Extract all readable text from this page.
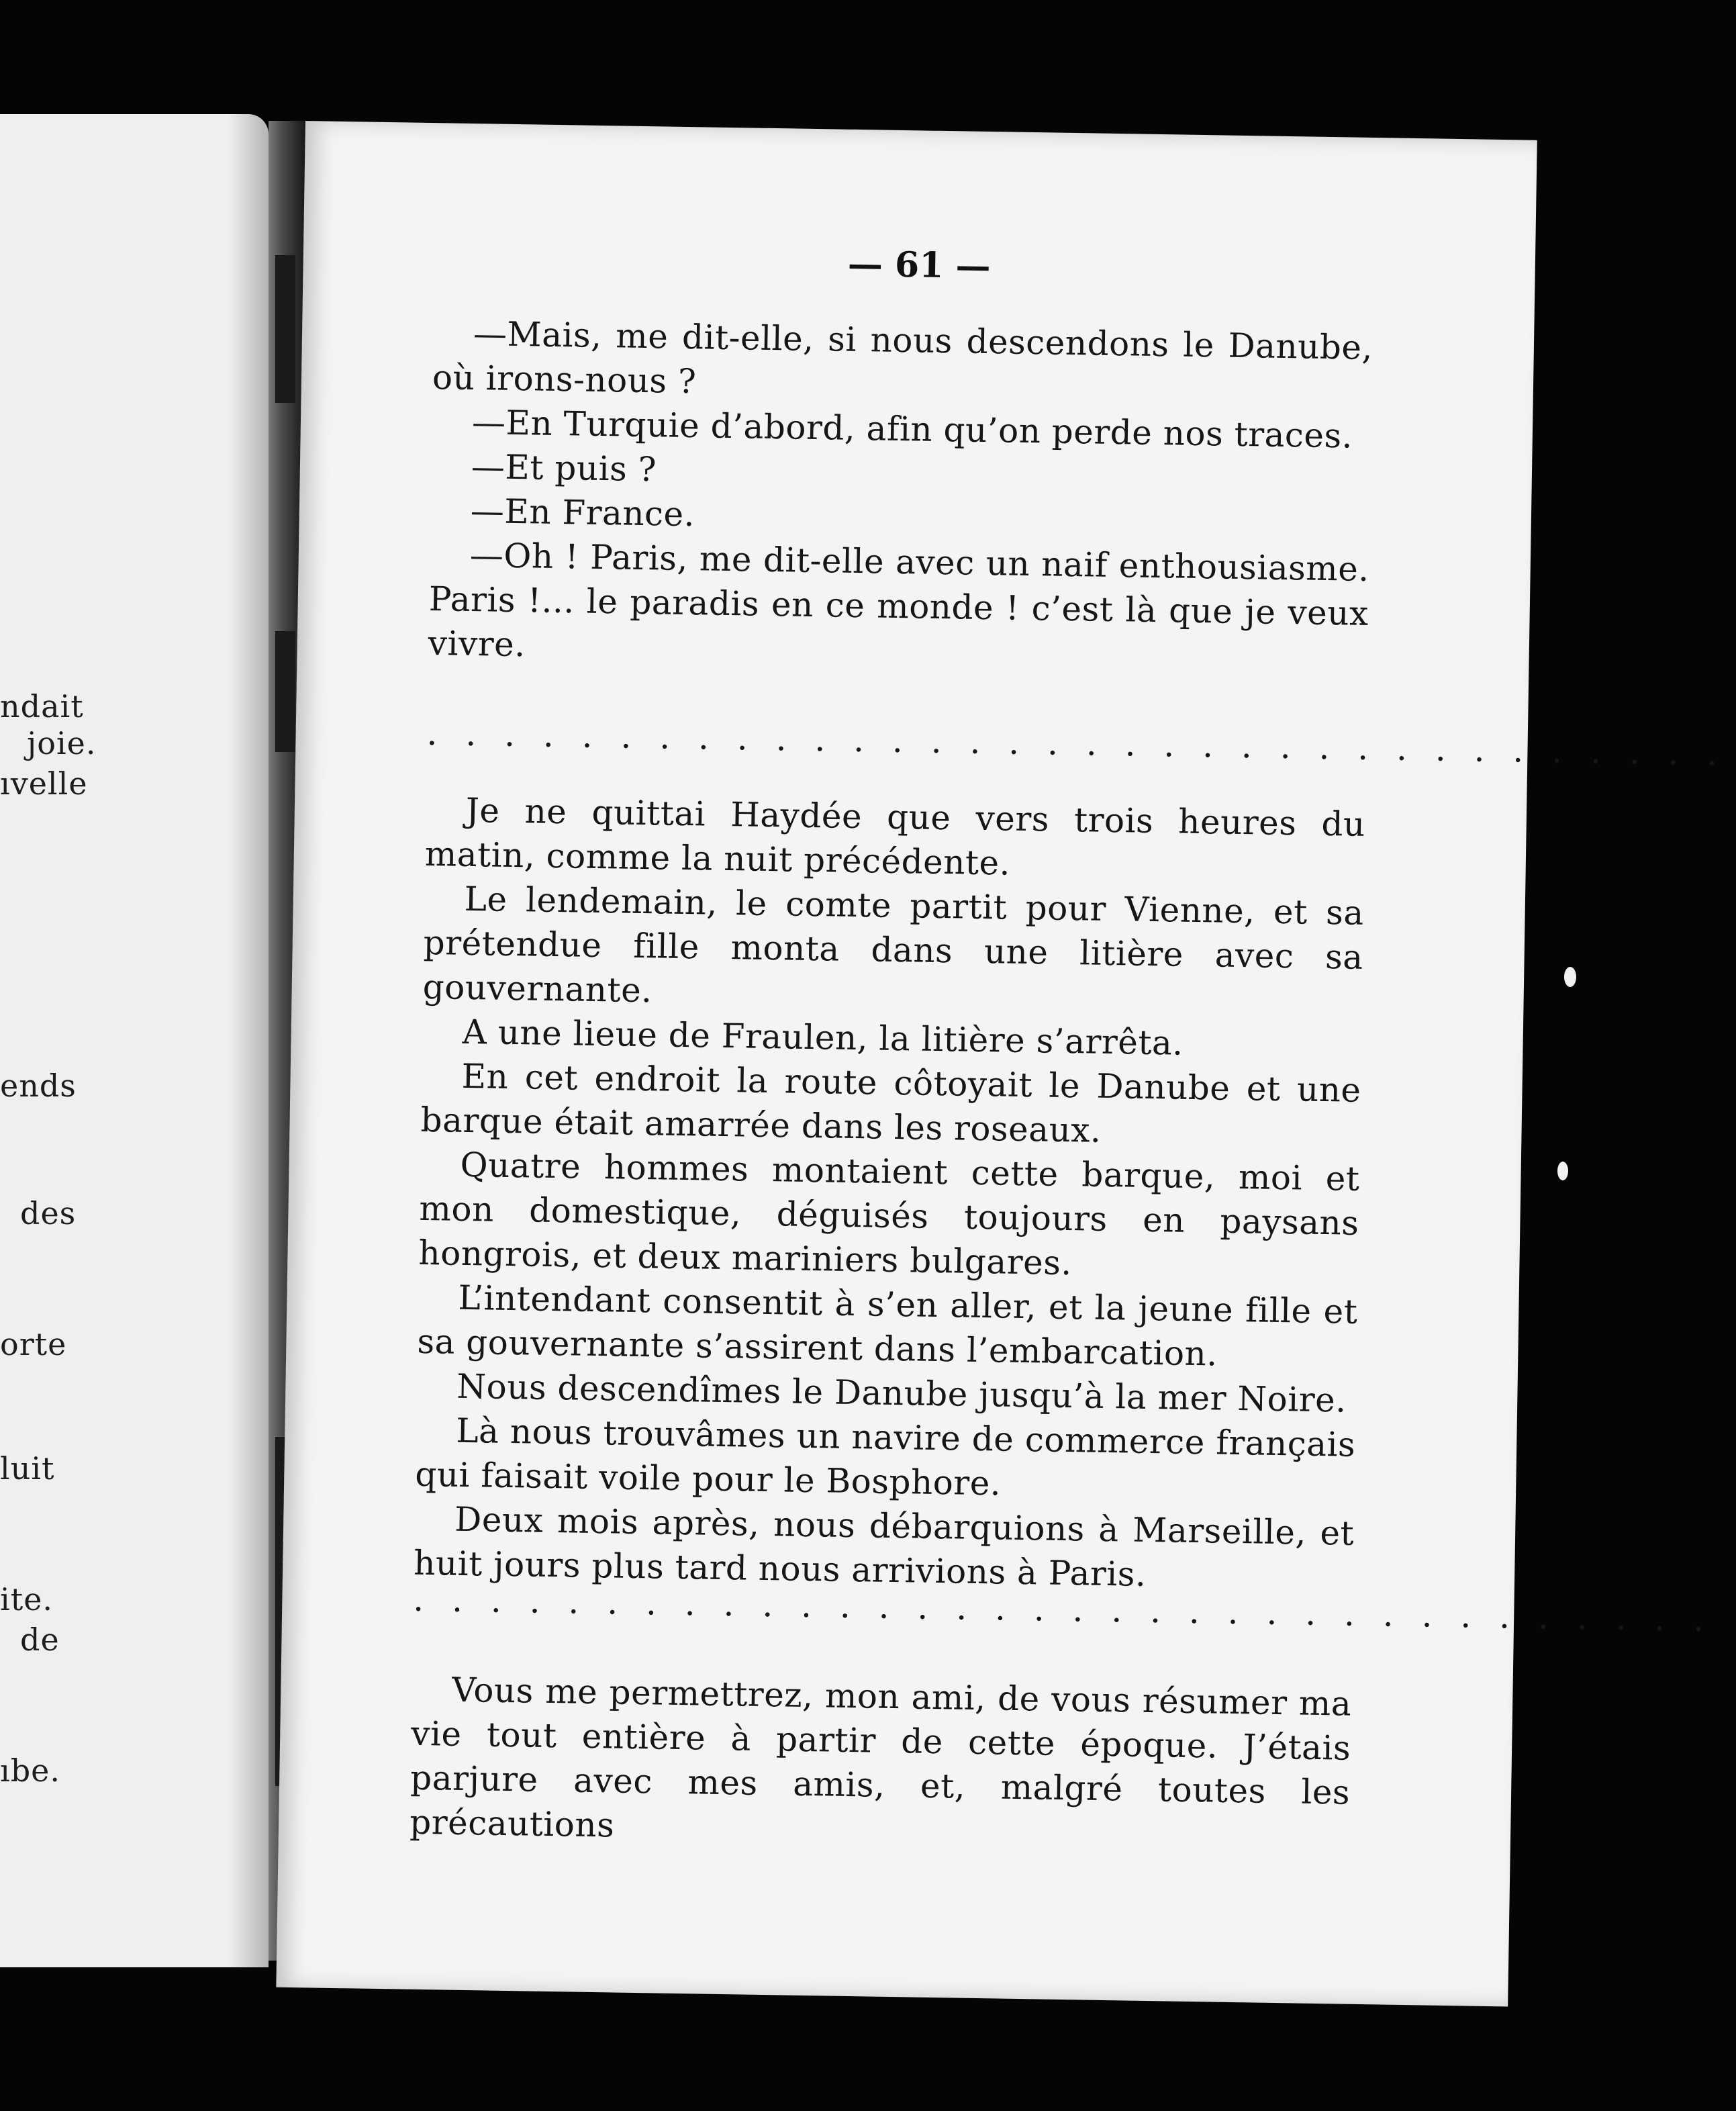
ndait
joie.
ıvelle
ends
des
orte
luit
ite.
de
ıbe.
— 61 —

—Mais, me dit-elle, si nous descendons le Danube, où irons-nous ?

—En Turquie d’abord, afin qu’on perde nos traces.

—Et puis ?

—En France.

—Oh ! Paris, me dit-elle avec un naif enthousiasme. Paris !... le paradis en ce monde ! c’est là que je veux vivre.

. . . . . . . . . . . . . . . . . . . . . . . . . . . . . . . . . .

Je ne quittai Haydée que vers trois heures du matin, comme la nuit précédente.

Le lendemain, le comte partit pour Vienne, et sa prétendue fille monta dans une litière avec sa gouvernante.

A une lieue de Fraulen, la litière s’arrêta.

En cet endroit la route côtoyait le Danube et une barque était amarrée dans les roseaux.

Quatre hommes montaient cette barque, moi et mon domestique, déguisés toujours en paysans hongrois, et deux mariniers bulgares.

L’intendant consentit à s’en aller, et la jeune fille et sa gouvernante s’assirent dans l’embarcation.

Nous descendîmes le Danube jusqu’à la mer Noire.

Là nous trouvâmes un navire de commerce français qui faisait voile pour le Bosphore.

Deux mois après, nous débarquions à Marseille, et huit jours plus tard nous arrivions à Paris.

. . . . . . . . . . . . . . . . . . . . . . . . . . . . . . . . . .

Vous me permettrez, mon ami, de vous résumer ma vie tout entière à partir de cette époque. J’étais parjure avec mes amis, et, malgré toutes les précautions
